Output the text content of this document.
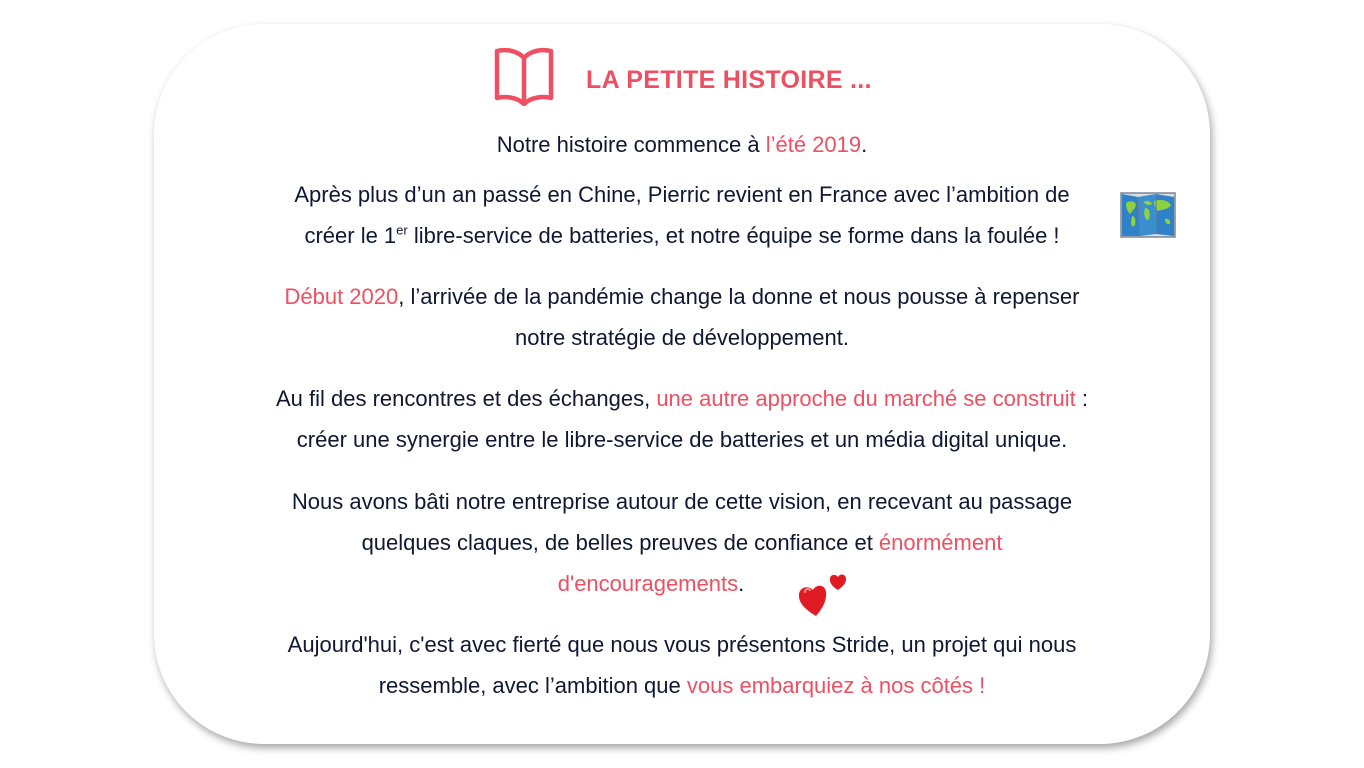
LA PETITE HISTOIRE ...
Notre histoire commence à l’été 2019.
Après plus d’un an passé en Chine, Pierric revient en France avec l’ambition de
créer le 1er libre-service de batteries, et notre équipe se forme dans la foulée !
Début 2020, l’arrivée de la pandémie change la donne et nous pousse à repenser
notre stratégie de développement.
Au fil des rencontres et des échanges, une autre approche du marché se construit :
créer une synergie entre le libre-service de batteries et un média digital unique.
Nous avons bâti notre entreprise autour de cette vision, en recevant au passage
quelques claques, de belles preuves de confiance et énormément
d'encouragements.
Aujourd'hui, c'est avec fierté que nous vous présentons Stride, un projet qui nous
ressemble, avec l’ambition que vous embarquiez à nos côtés !
